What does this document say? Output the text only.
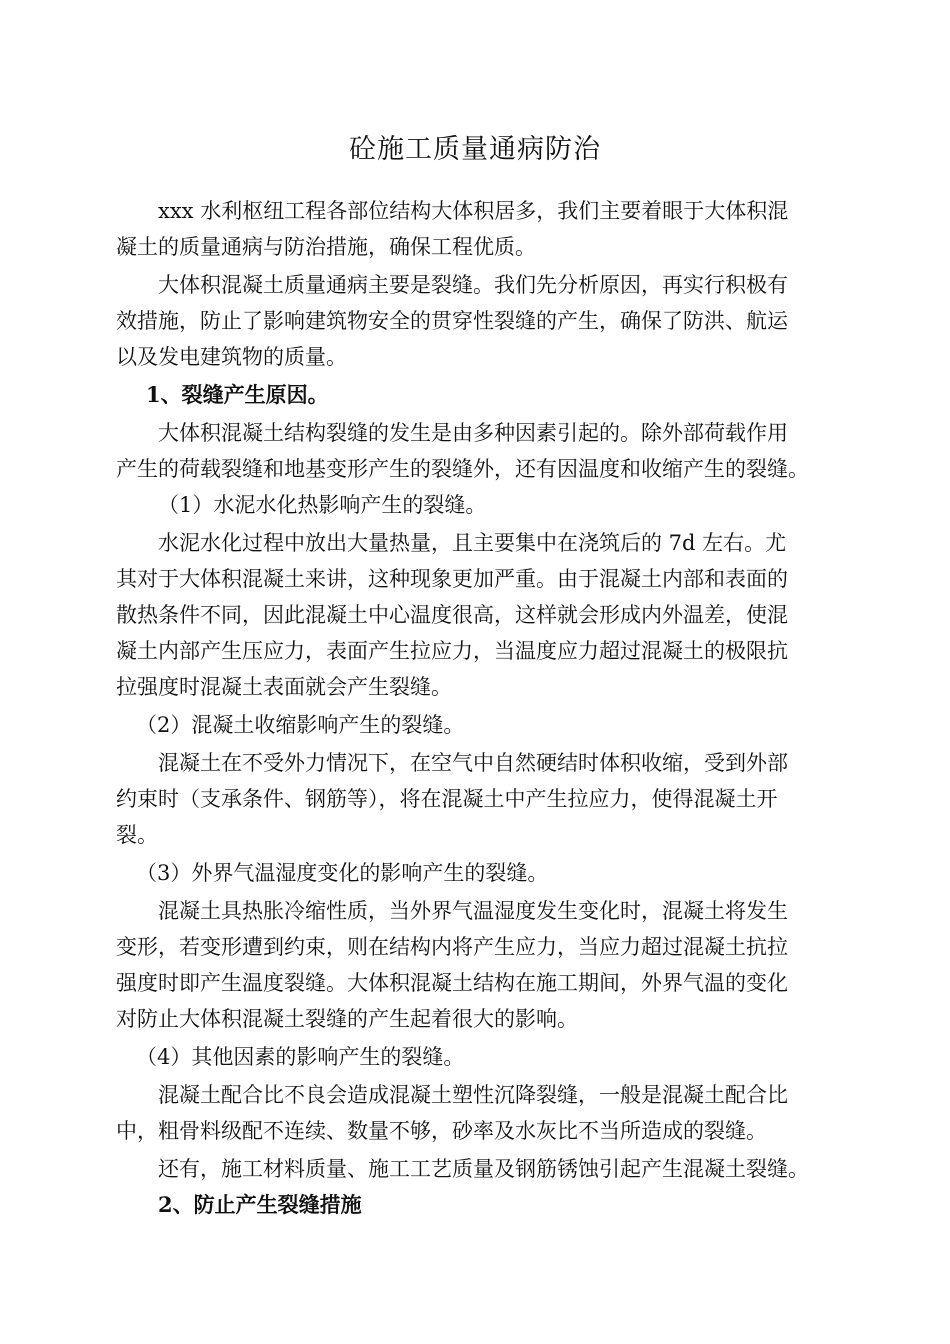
砼施工质量通病防治
xxx 水利枢纽工程各部位结构大体积居多，我们主要着眼于大体积混
凝土的质量通病与防治措施，确保工程优质。
大体积混凝土质量通病主要是裂缝。我们先分析原因，再实行积极有
效措施，防止了影响建筑物安全的贯穿性裂缝的产生，确保了防洪、航运
以及发电建筑物的质量。
1、裂缝产生原因。
大体积混凝土结构裂缝的发生是由多种因素引起的。除外部荷载作用
产生的荷载裂缝和地基变形产生的裂缝外，还有因温度和收缩产生的裂缝。
（1）水泥水化热影响产生的裂缝。
水泥水化过程中放出大量热量，且主要集中在浇筑后的 7d 左右。尤
其对于大体积混凝土来讲，这种现象更加严重。由于混凝土内部和表面的
散热条件不同，因此混凝土中心温度很高，这样就会形成内外温差，使混
凝土内部产生压应力，表面产生拉应力，当温度应力超过混凝土的极限抗
拉强度时混凝土表面就会产生裂缝。
（2）混凝土收缩影响产生的裂缝。
混凝土在不受外力情况下，在空气中自然硬结时体积收缩，受到外部
约束时（支承条件、钢筋等），将在混凝土中产生拉应力，使得混凝土开
裂。
（3）外界气温湿度变化的影响产生的裂缝。
混凝土具热胀冷缩性质，当外界气温湿度发生变化时，混凝土将发生
变形，若变形遭到约束，则在结构内将产生应力，当应力超过混凝土抗拉
强度时即产生温度裂缝。大体积混凝土结构在施工期间，外界气温的变化
对防止大体积混凝土裂缝的产生起着很大的影响。
（4）其他因素的影响产生的裂缝。
混凝土配合比不良会造成混凝土塑性沉降裂缝，一般是混凝土配合比
中，粗骨料级配不连续、数量不够，砂率及水灰比不当所造成的裂缝。
还有，施工材料质量、施工工艺质量及钢筋锈蚀引起产生混凝土裂缝。
2、防止产生裂缝措施
